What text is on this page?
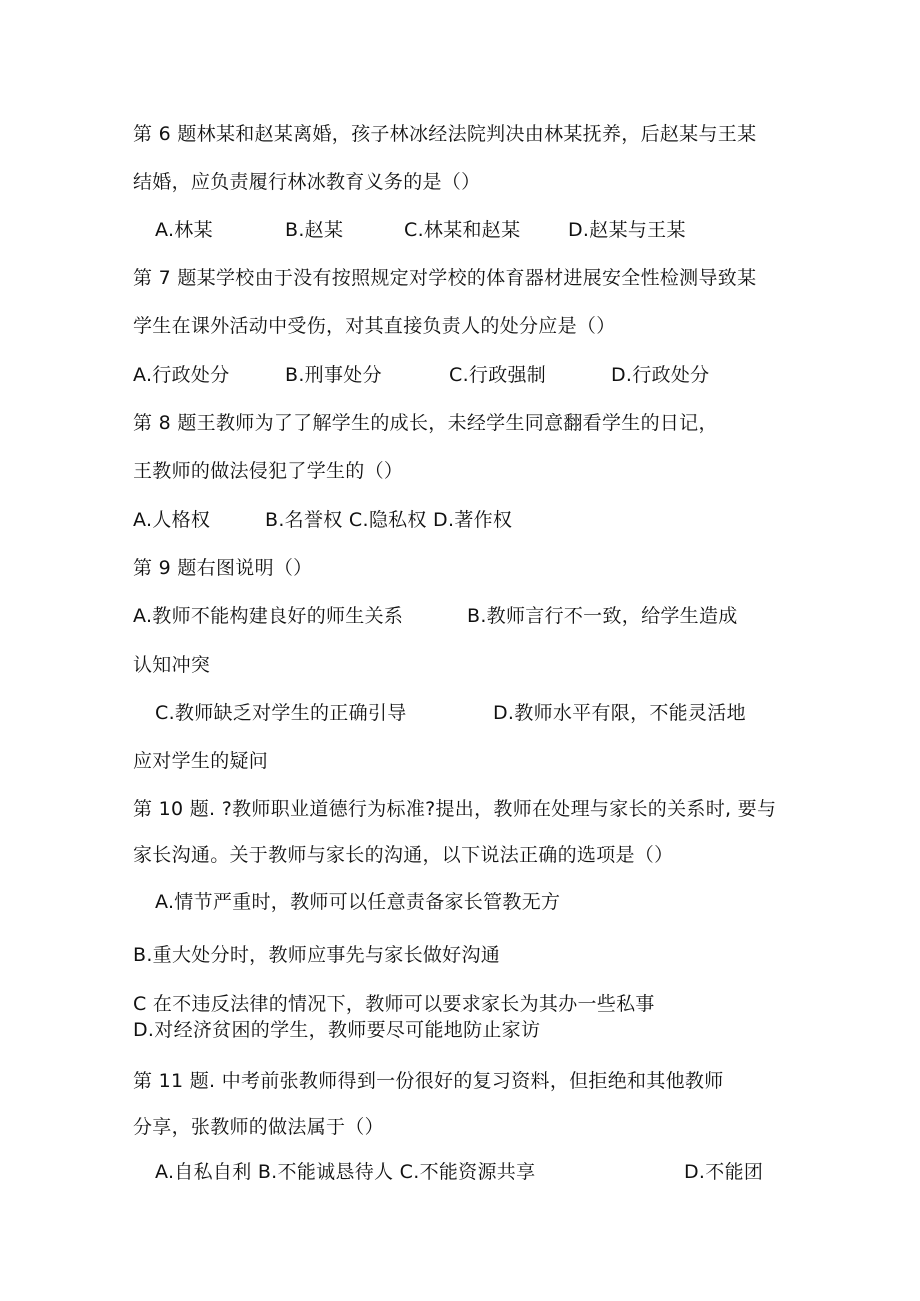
第 6 题林某和赵某离婚，孩子林冰经法院判决由林某抚养，后赵某与王某
结婚，应负责履行林冰教育义务的是（）
A.林某	B.赵某	C.林某和赵某	D.赵某与王某
第 7 题某学校由于没有按照规定对学校的体育器材进展安全性检测导致某
学生在课外活动中受伤，对其直接负责人的处分应是（）
A.行政处分	B.刑事处分	C.行政强制	D.行政处分
第 8 题王教师为了了解学生的成长，未经学生同意翻看学生的日记，
王教师的做法侵犯了学生的（）
A.人格权	B.名誉权 C.隐私权 D.著作权
第 9 题右图说明（）
A.教师不能构建良好的师生关系	B.教师言行不一致，给学生造成
认知冲突
C.教师缺乏对学生的正确引导	D.教师水平有限，不能灵活地
应对学生的疑问
第 10 题. ?教师职业道德行为标准?提出，教师在处理与家长的关系时, 要与
家长沟通。关于教师与家长的沟通，以下说法正确的选项是（）
A.情节严重时，教师可以任意责备家长管教无方
B.重大处分时，教师应事先与家长做好沟通
C 在不违反法律的情况下，教师可以要求家长为其办一些私事
D.对经济贫困的学生，教师要尽可能地防止家访
第 11 题. 中考前张教师得到一份很好的复习资料，但拒绝和其他教师
分享，张教师的做法属于（）
A.自私自利 B.不能诚恳待人 C.不能资源共享	D.不能团
